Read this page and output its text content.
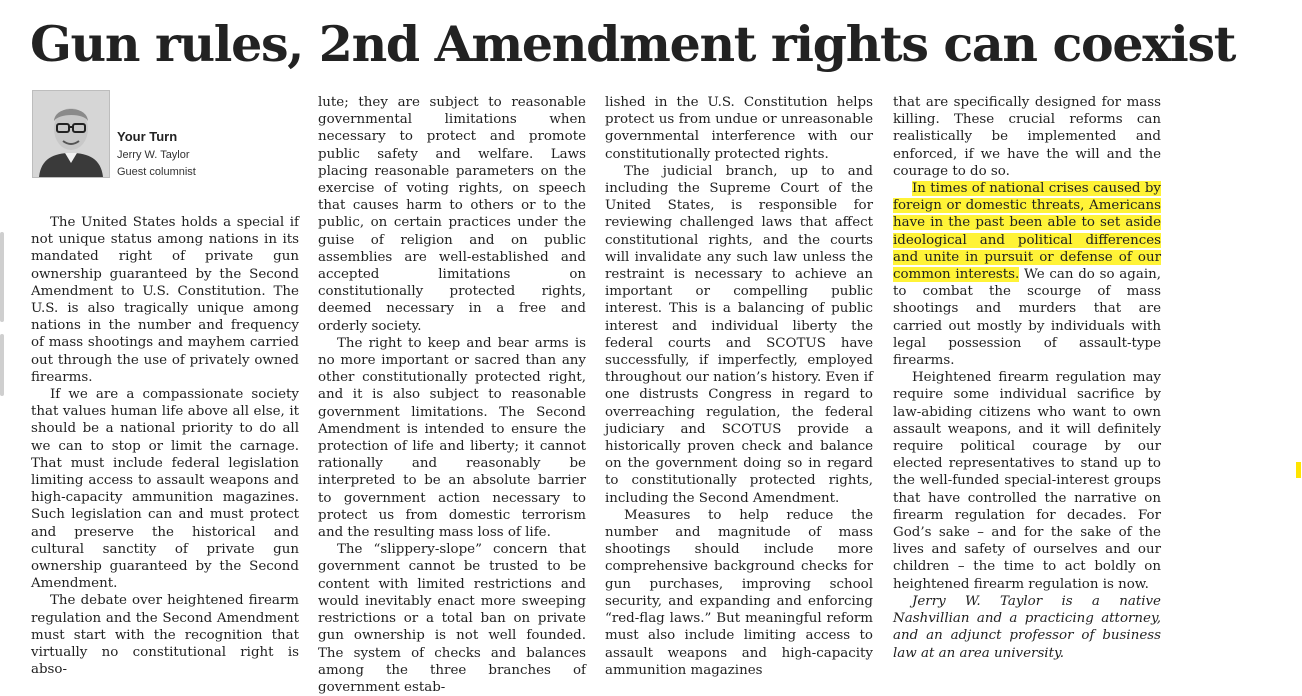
Gun rules, 2nd Amendment rights can coexist
Your Turn
Jerry W. Taylor
Guest columnist

The United States holds a special if not unique status among nations in its mandated right of private gun ownership guaranteed by the Second Amendment to U.S. Constitution. The U.S. is also tragically unique among nations in the number and frequency of mass shootings and mayhem carried out through the use of privately owned firearms.

If we are a compassionate society that values human life above all else, it should be a national priority to do all we can to stop or limit the carnage. That must include federal legislation limiting access to assault weapons and high-capacity ammunition magazines. Such legislation can and must protect and preserve the historical and cultural sanctity of private gun ownership guaranteed by the Second Amendment.

The debate over heightened firearm regulation and the Second Amendment must start with the recognition that virtually no constitutional right is abso-

lute; they are subject to reasonable governmental limitations when necessary to protect and promote public safety and welfare. Laws placing reasonable parameters on the exercise of voting rights, on speech that causes harm to others or to the public, on certain practices under the guise of religion and on public assemblies are well-established and accepted limitations on constitutionally protected rights, deemed necessary in a free and orderly society.

The right to keep and bear arms is no more important or sacred than any other constitutionally protected right, and it is also subject to reasonable government limitations. The Second Amendment is intended to ensure the protection of life and liberty; it cannot rationally and reasonably be interpreted to be an absolute barrier to government action necessary to protect us from domestic terrorism and the resulting mass loss of life.

The “slippery-slope” concern that government cannot be trusted to be content with limited restrictions and would inevitably enact more sweeping restrictions or a total ban on private gun ownership is not well founded. The system of checks and balances among the three branches of government estab-

lished in the U.S. Constitution helps protect us from undue or unreasonable governmental interference with our constitutionally protected rights.

The judicial branch, up to and including the Supreme Court of the United States, is responsible for reviewing challenged laws that affect constitutional rights, and the courts will invalidate any such law unless the restraint is necessary to achieve an important or compelling public interest. This is a balancing of public interest and individual liberty the federal courts and SCOTUS have successfully, if imperfectly, employed throughout our nation’s history. Even if one distrusts Congress in regard to overreaching regulation, the federal judiciary and SCOTUS provide a historically proven check and balance on the government doing so in regard to constitutionally protected rights, including the Second Amendment.

Measures to help reduce the number and magnitude of mass shootings should include more comprehensive background checks for gun purchases, improving school security, and expanding and enforcing “red-flag laws.” But meaningful reform must also include limiting access to assault weapons and high-capacity ammunition magazines

that are specifically designed for mass killing. These crucial reforms can realistically be implemented and enforced, if we have the will and the courage to do so.

In times of national crises caused by foreign or domestic threats, Americans have in the past been able to set aside ideological and political differences and unite in pursuit or defense of our common interests. We can do so again, to combat the scourge of mass shootings and murders that are carried out mostly by individuals with legal possession of assault-type firearms.

Heightened firearm regulation may require some individual sacrifice by law-abiding citizens who want to own assault weapons, and it will definitely require political courage by our elected representatives to stand up to the well-funded special-interest groups that have controlled the narrative on firearm regulation for decades. For God’s sake – and for the sake of the lives and safety of ourselves and our children – the time to act boldly on heightened firearm regulation is now.

Jerry W. Taylor is a native Nashvillian and a practicing attorney, and an adjunct professor of business law at an area university.
